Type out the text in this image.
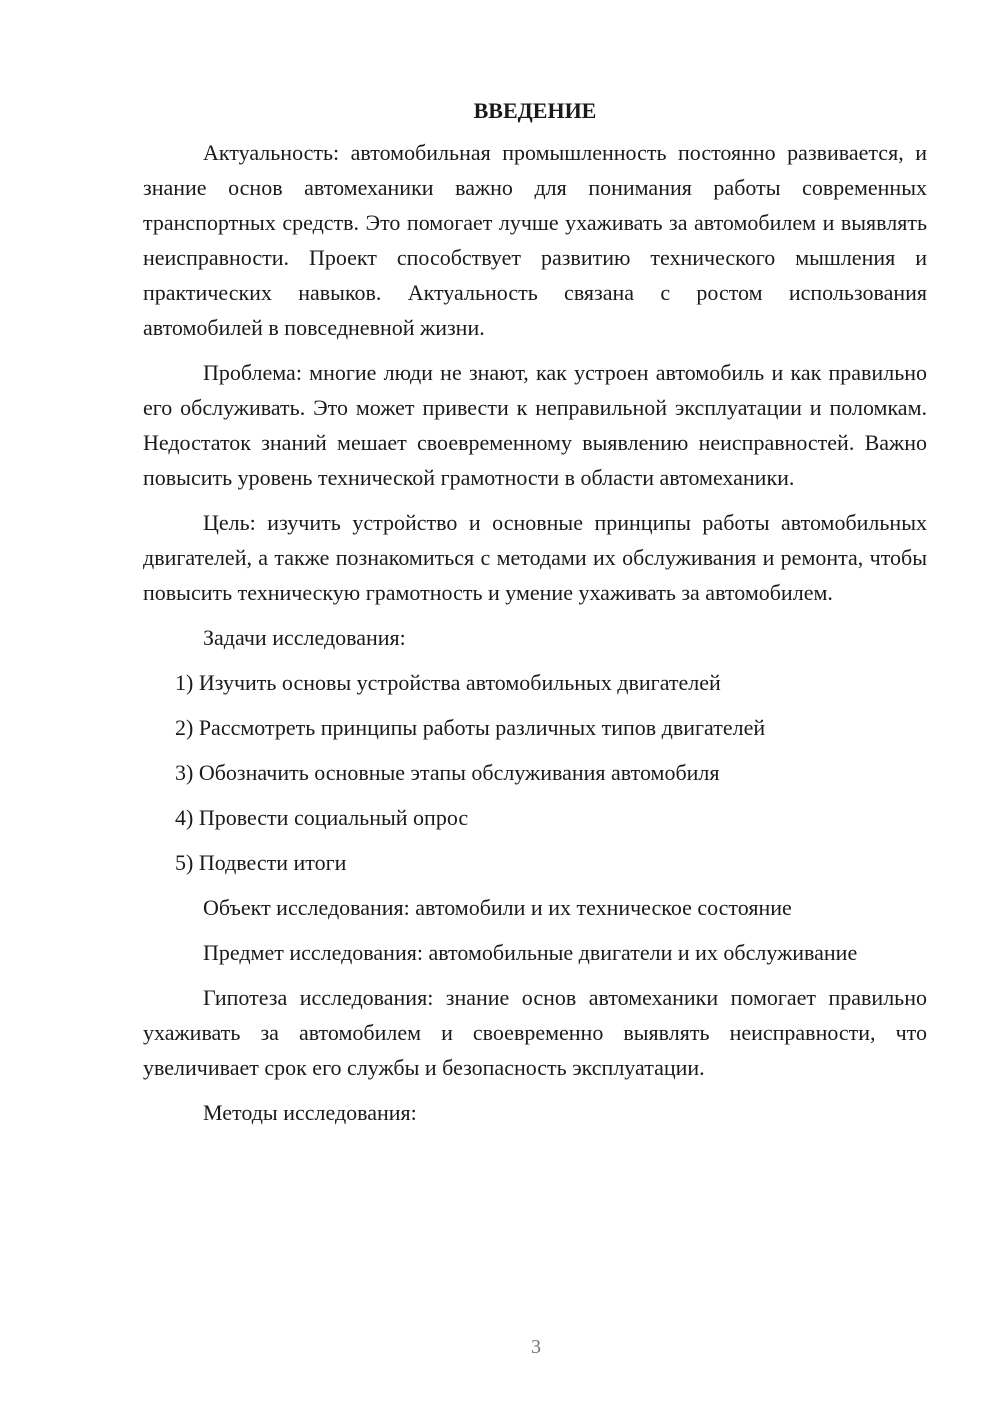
ВВЕДЕНИЕ

Актуальность: автомобильная промышленность постоянно развивается, и знание основ автомеханики важно для понимания работы современных транспортных средств. Это помогает лучше ухаживать за автомобилем и выявлять неисправности. Проект способствует развитию технического мышления и практических навыков. Актуальность связана с ростом использования автомобилей в повседневной жизни.

Проблема: многие люди не знают, как устроен автомобиль и как правильно его обслуживать. Это может привести к неправильной эксплуатации и поломкам. Недостаток знаний мешает своевременному выявлению неисправностей. Важно повысить уровень технической грамотности в области автомеханики.

Цель: изучить устройство и основные принципы работы автомобильных двигателей, а также познакомиться с методами их обслуживания и ремонта, чтобы повысить техническую грамотность и умение ухаживать за автомобилем.

Задачи исследования:

1) Изучить основы устройства автомобильных двигателей
2) Рассмотреть принципы работы различных типов двигателей
3) Обозначить основные этапы обслуживания автомобиля
4) Провести социальный опрос
5) Подвести итоги

Объект исследования: автомобили и их техническое состояние

Предмет исследования: автомобильные двигатели и их обслуживание

Гипотеза исследования: знание основ автомеханики помогает правильно ухаживать за автомобилем и своевременно выявлять неисправности, что увеличивает срок его службы и безопасность эксплуатации.

Методы исследования:

3
